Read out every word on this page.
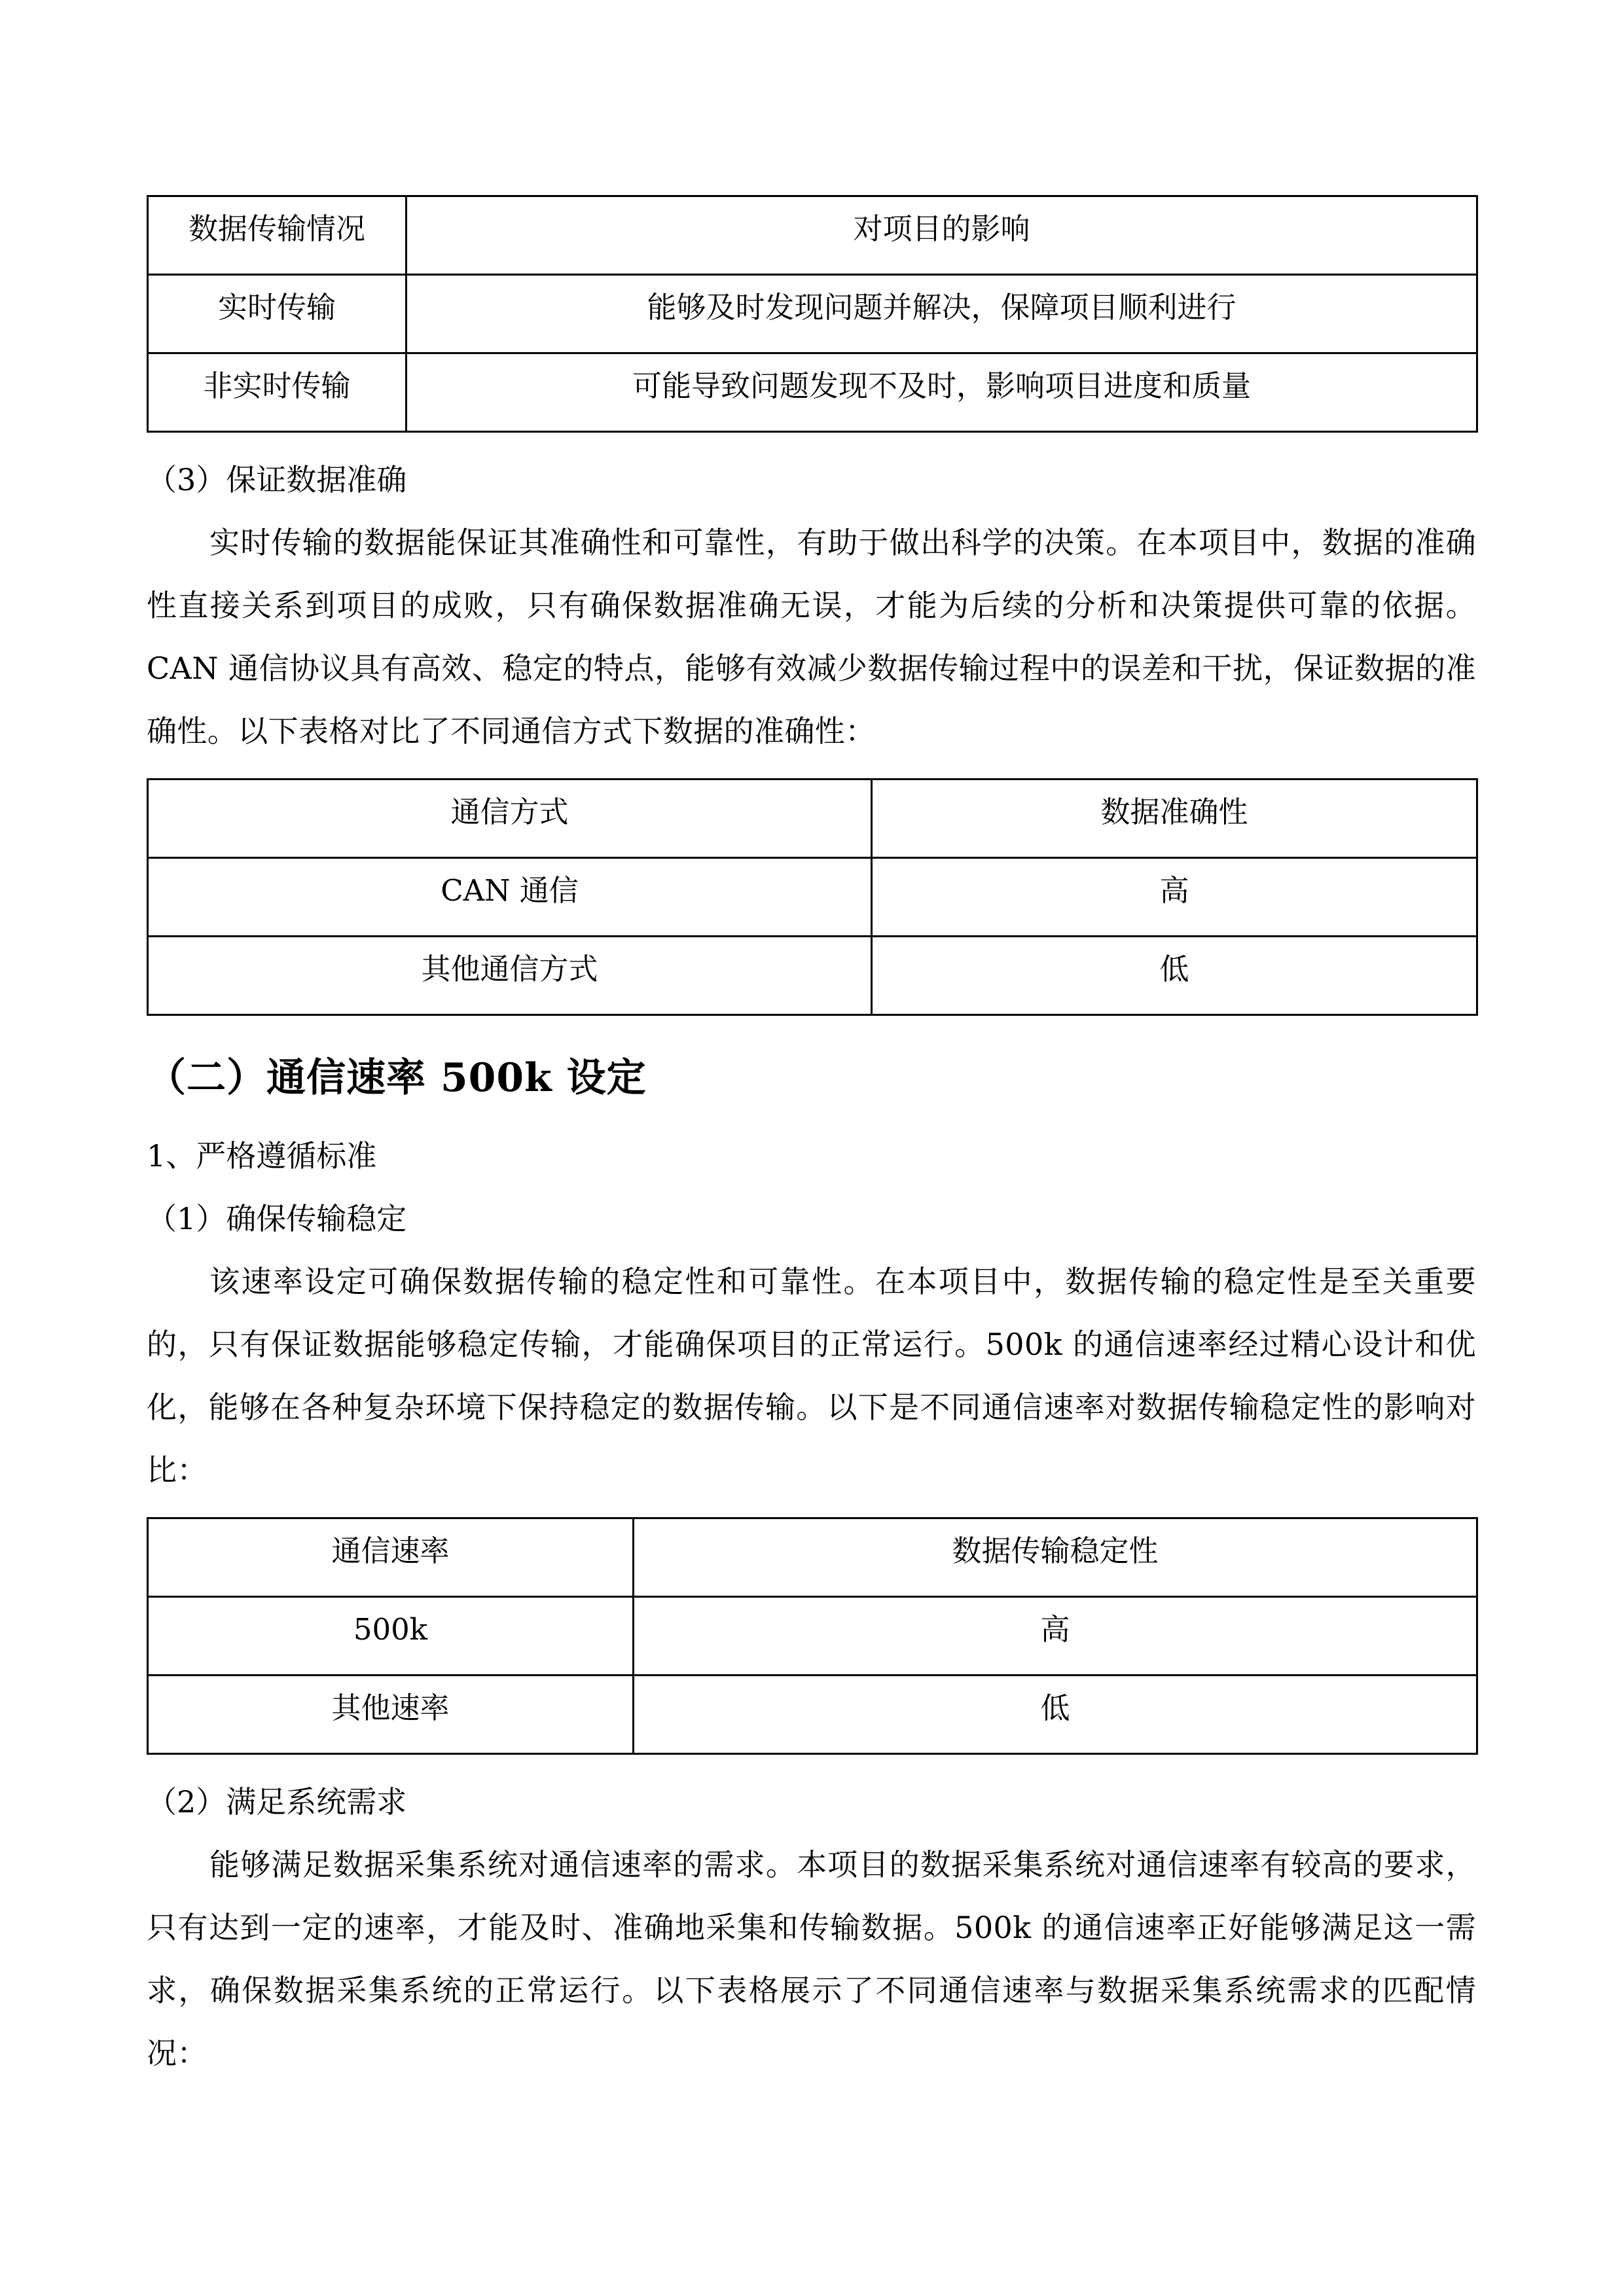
数据传输情况	对项目的影响
实时传输	能够及时发现问题并解决，保障项目顺利进行
非实时传输	可能导致问题发现不及时，影响项目进度和质量
（3）保证数据准确
实时传输的数据能保证其准确性和可靠性，有助于做出科学的决策。在本项目中，数据的准确性直接关系到项目的成败，只有确保数据准确无误，才能为后续的分析和决策提供可靠的依据。CAN 通信协议具有高效、稳定的特点，能够有效减少数据传输过程中的误差和干扰，保证数据的准确性。以下表格对比了不同通信方式下数据的准确性：
通信方式	数据准确性
CAN 通信	高
其他通信方式	低
（二）通信速率 500k 设定
1、严格遵循标准
（1）确保传输稳定
该速率设定可确保数据传输的稳定性和可靠性。在本项目中，数据传输的稳定性是至关重要的，只有保证数据能够稳定传输，才能确保项目的正常运行。500k 的通信速率经过精心设计和优化，能够在各种复杂环境下保持稳定的数据传输。以下是不同通信速率对数据传输稳定性的影响对比：
通信速率	数据传输稳定性
500k	高
其他速率	低
（2）满足系统需求
能够满足数据采集系统对通信速率的需求。本项目的数据采集系统对通信速率有较高的要求，只有达到一定的速率，才能及时、准确地采集和传输数据。500k 的通信速率正好能够满足这一需求，确保数据采集系统的正常运行。以下表格展示了不同通信速率与数据采集系统需求的匹配情况：
